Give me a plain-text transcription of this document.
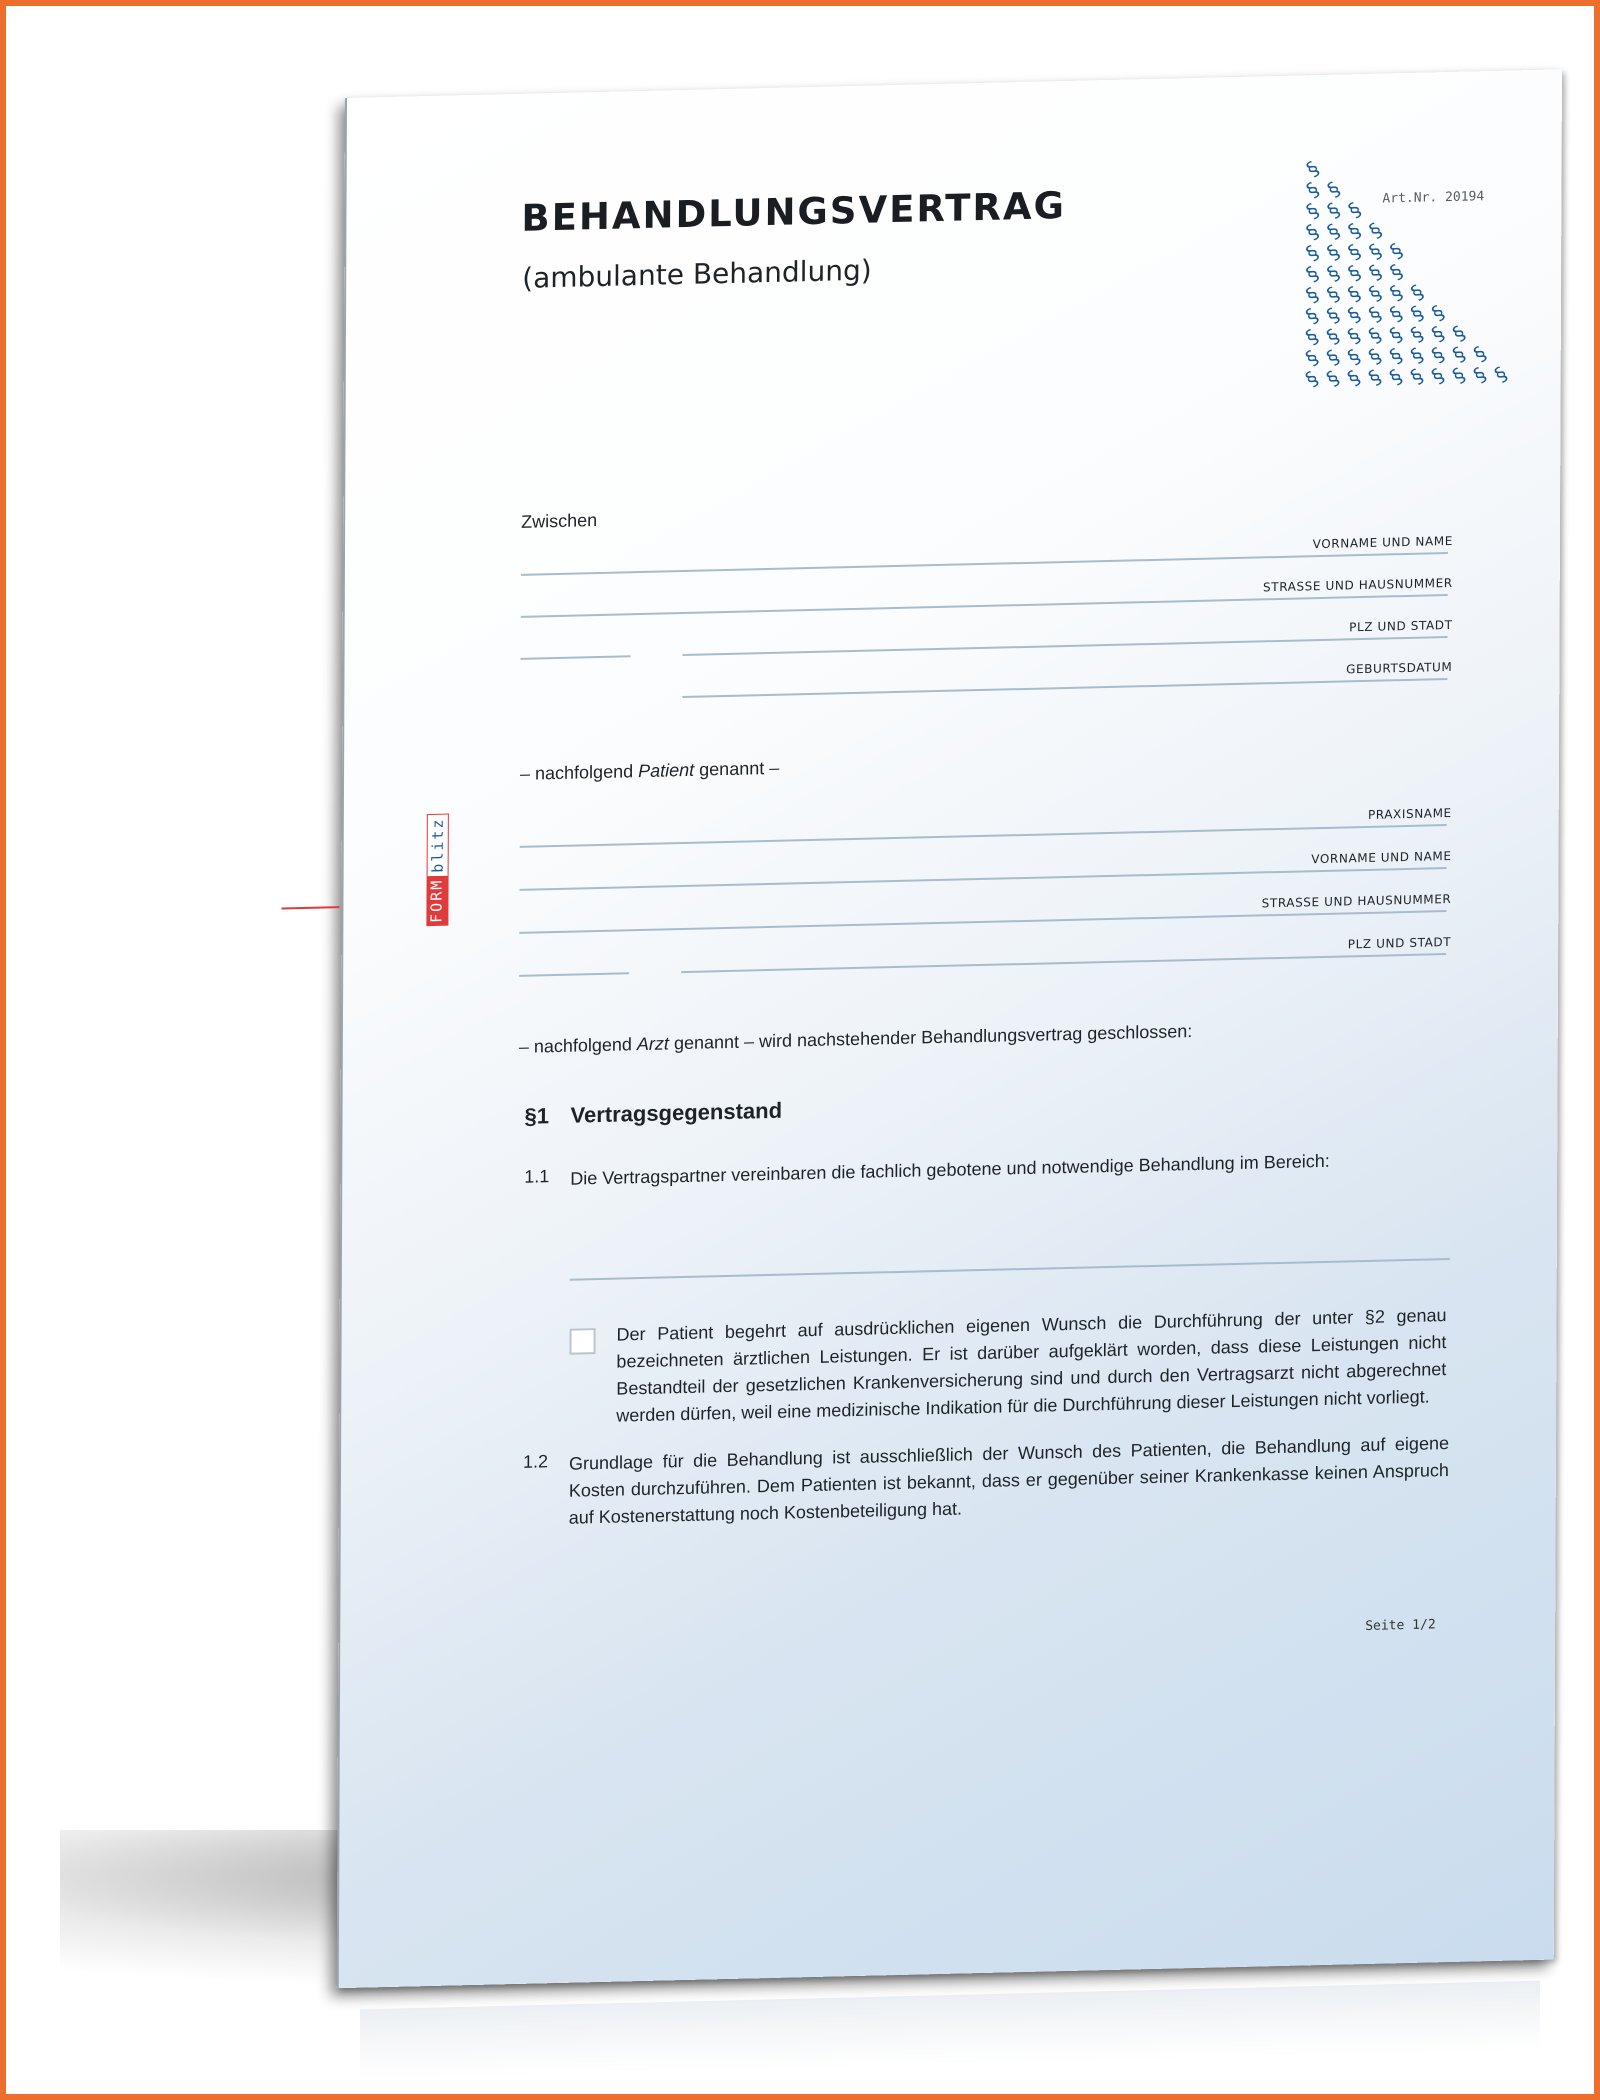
BEHANDLUNGSVERTRAG
(ambulante Behandlung)
Art.Nr. 20194
§
§ §
§ § §
§ § § §
§ § § § §
§ § § § §
§ § § § § §
§ § § § § § §
§ § § § § § § §
§ § § § § § § § §
§ § § § § § § § § §
FORM
blitz
Zwischen
VORNAME UND NAME
STRASSE UND HAUSNUMMER
PLZ UND STADT
GEBURTSDATUM
– nachfolgend Patient genannt –
PRAXISNAME
VORNAME UND NAME
STRASSE UND HAUSNUMMER
PLZ UND STADT
– nachfolgend Arzt genannt – wird nachstehender Behandlungsvertrag geschlossen:
§1 Vertragsgegenstand
1.1 Die Vertragspartner vereinbaren die fachlich gebotene und notwendige Behandlung im Bereich:
Der Patient begehrt auf ausdrücklichen eigenen Wunsch die Durchführung der unter §2 genau bezeichneten ärztlichen Leistungen. Er ist darüber aufgeklärt worden, dass diese Leistungen nicht Bestandteil der gesetzlichen Krankenversicherung sind und durch den Vertragsarzt nicht abgerechnet werden dürfen, weil eine medizinische Indikation für die Durchführung dieser Leistungen nicht vorliegt.
1.2 Grundlage für die Behandlung ist ausschließlich der Wunsch des Patienten, die Behandlung auf eigene Kosten durchzuführen. Dem Patienten ist bekannt, dass er gegenüber seiner Krankenkasse keinen Anspruch auf Kostenerstattung noch Kostenbeteiligung hat.
Seite 1/2
